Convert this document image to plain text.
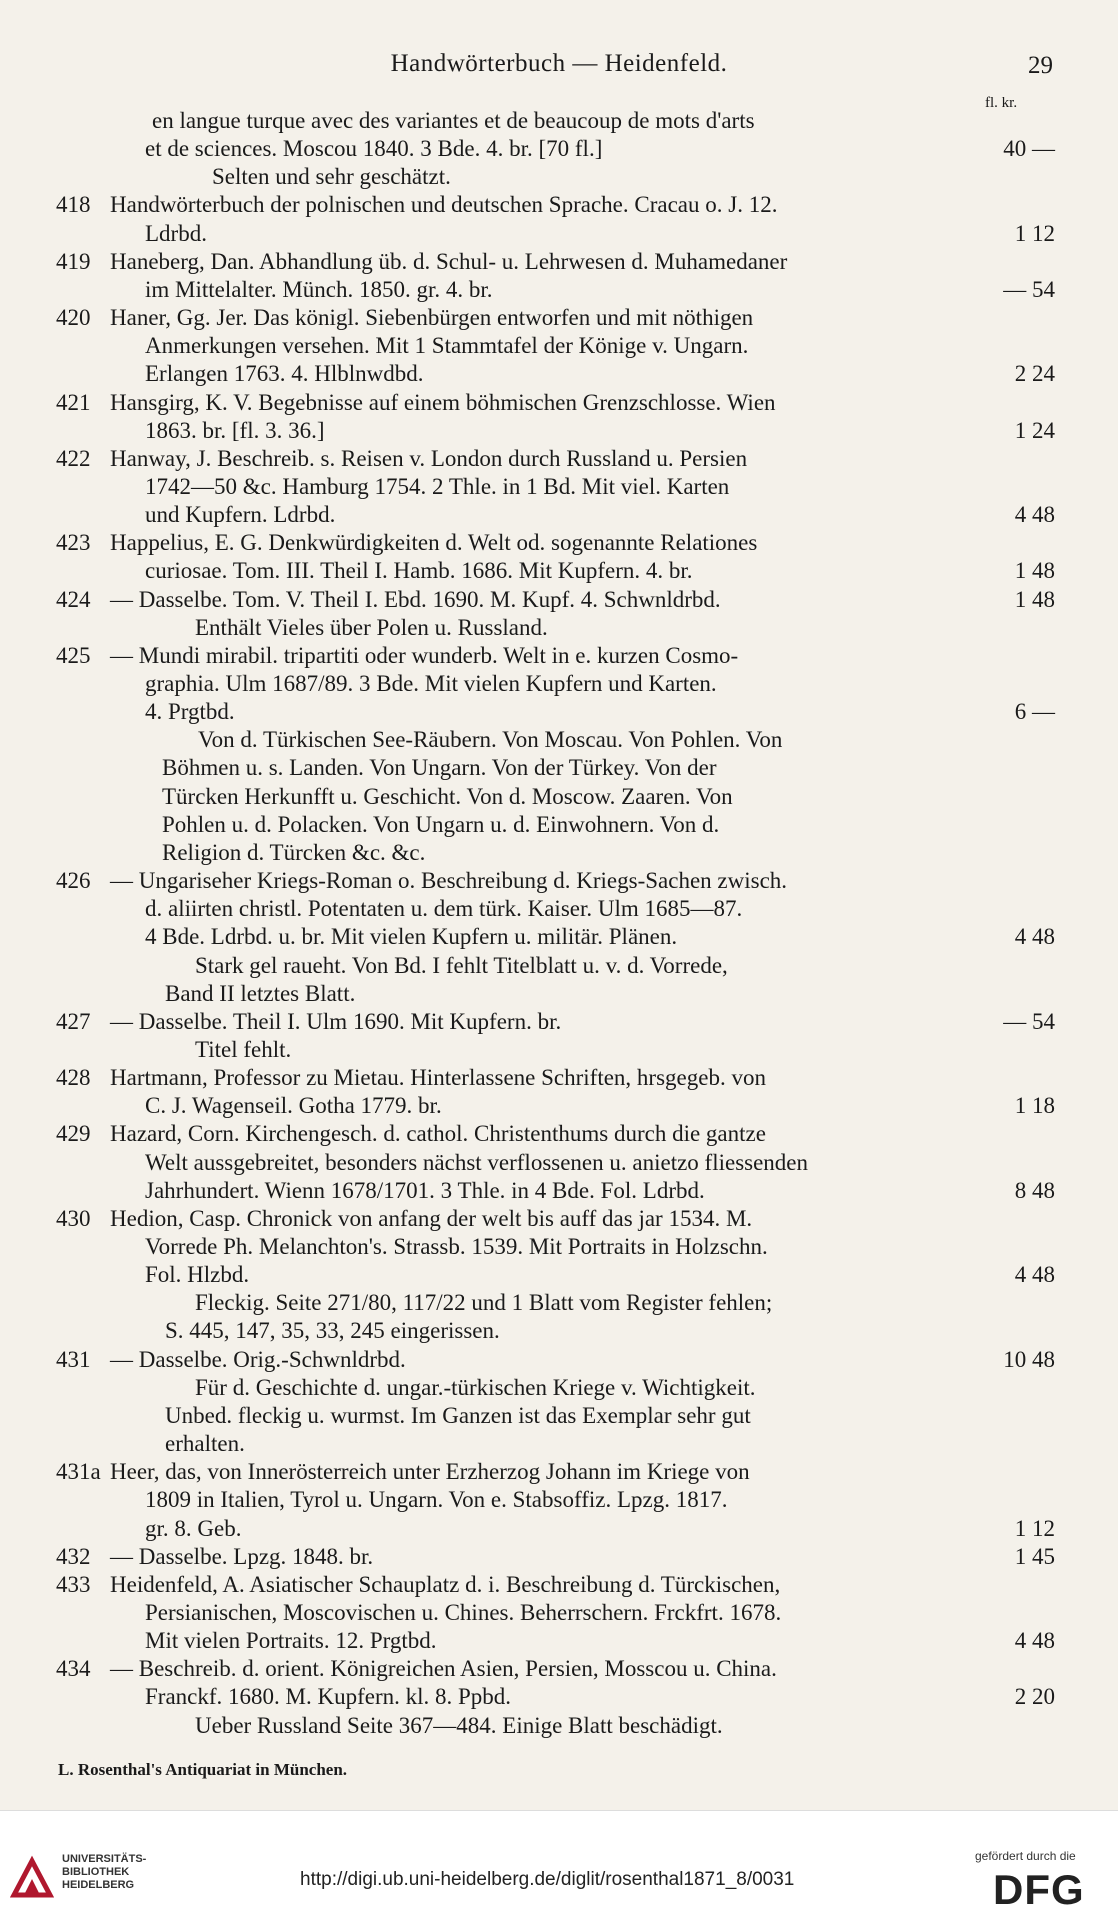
Handwörterbuch — Heidenfeld.	29
fl. kr.
en langue turque avec des variantes et de beaucoup de mots d'arts
et de sciences. Moscou 1840. 3 Bde. 4. br. [70 fl.]	40 —
Selten und sehr geschätzt.
418 Handwörterbuch der polnischen und deutschen Sprache. Cracau o. J. 12.
Ldrbd.	1 12
419 Haneberg, Dan. Abhandlung üb. d. Schul- u. Lehrwesen d. Muhamedaner
im Mittelalter. Münch. 1850. gr. 4. br.	— 54
420 Haner, Gg. Jer. Das königl. Siebenbürgen entworfen und mit nöthigen
Anmerkungen versehen. Mit 1 Stammtafel der Könige v. Ungarn.
Erlangen 1763. 4. Hlblnwdbd.	2 24
421 Hansgirg, K. V. Begebnisse auf einem böhmischen Grenzschlosse. Wien
1863. br. [fl. 3. 36.]	1 24
422 Hanway, J. Beschreib. s. Reisen v. London durch Russland u. Persien
1742—50 &c. Hamburg 1754. 2 Thle. in 1 Bd. Mit viel. Karten
und Kupfern. Ldrbd.	4 48
423 Happelius, E. G. Denkwürdigkeiten d. Welt od. sogenannte Relationes
curiosae. Tom. III. Theil I. Hamb. 1686. Mit Kupfern. 4. br.	1 48
424 — Dasselbe. Tom. V. Theil I. Ebd. 1690. M. Kupf. 4. Schwnldrbd.	1 48
Enthält Vieles über Polen u. Russland.
425 — Mundi mirabil. tripartiti oder wunderb. Welt in e. kurzen Cosmo-
graphia. Ulm 1687/89. 3 Bde. Mit vielen Kupfern und Karten.
4. Prgtbd.	6 —
Von d. Türkischen See-Räubern. Von Moscau. Von Pohlen. Von
Böhmen u. s. Landen. Von Ungarn. Von der Türkey. Von der
Türcken Herkunfft u. Geschicht. Von d. Moscow. Zaaren. Von
Pohlen u. d. Polacken. Von Ungarn u. d. Einwohnern. Von d.
Religion d. Türcken &c. &c.
426 — Ungariseher Kriegs-Roman o. Beschreibung d. Kriegs-Sachen zwisch.
d. aliirten christl. Potentaten u. dem türk. Kaiser. Ulm 1685—87.
4 Bde. Ldrbd. u. br. Mit vielen Kupfern u. militär. Plänen.	4 48
Stark gel raueht. Von Bd. I fehlt Titelblatt u. v. d. Vorrede,
Band II letztes Blatt.
427 — Dasselbe. Theil I. Ulm 1690. Mit Kupfern. br.	— 54
Titel fehlt.
428 Hartmann, Professor zu Mietau. Hinterlassene Schriften, hrsgegeb. von
C. J. Wagenseil. Gotha 1779. br.	1 18
429 Hazard, Corn. Kirchengesch. d. cathol. Christenthums durch die gantze
Welt aussgebreitet, besonders nächst verflossenen u. anietzo fliessenden
Jahrhundert. Wienn 1678/1701. 3 Thle. in 4 Bde. Fol. Ldrbd.	8 48
430 Hedion, Casp. Chronick von anfang der welt bis auff das jar 1534. M.
Vorrede Ph. Melanchton's. Strassb. 1539. Mit Portraits in Holzschn.
Fol. Hlzbd.	4 48
Fleckig. Seite 271/80, 117/22 und 1 Blatt vom Register fehlen;
S. 445, 147, 35, 33, 245 eingerissen.
431 — Dasselbe. Orig.-Schwnldrbd.	10 48
Für d. Geschichte d. ungar.-türkischen Kriege v. Wichtigkeit.
Unbed. fleckig u. wurmst. Im Ganzen ist das Exemplar sehr gut
erhalten.
431a Heer, das, von Innerösterreich unter Erzherzog Johann im Kriege von
1809 in Italien, Tyrol u. Ungarn. Von e. Stabsoffiz. Lpzg. 1817.
gr. 8. Geb.	1 12
432 — Dasselbe. Lpzg. 1848. br.	1 45
433 Heidenfeld, A. Asiatischer Schauplatz d. i. Beschreibung d. Türckischen,
Persianischen, Moscovischen u. Chines. Beherrschern. Frckfrt. 1678.
Mit vielen Portraits. 12. Prgtbd.	4 48
434 — Beschreib. d. orient. Königreichen Asien, Persien, Mosscou u. China.
Franckf. 1680. M. Kupfern. kl. 8. Ppbd.	2 20
Ueber Russland Seite 367—484. Einige Blatt beschädigt.
L. Rosenthal's Antiquariat in München.
UNIVERSITÄTS-
BIBLIOTHEK
HEIDELBERG	http://digi.ub.uni-heidelberg.de/diglit/rosenthal1871_8/0031
gefördert durch die
DFG
